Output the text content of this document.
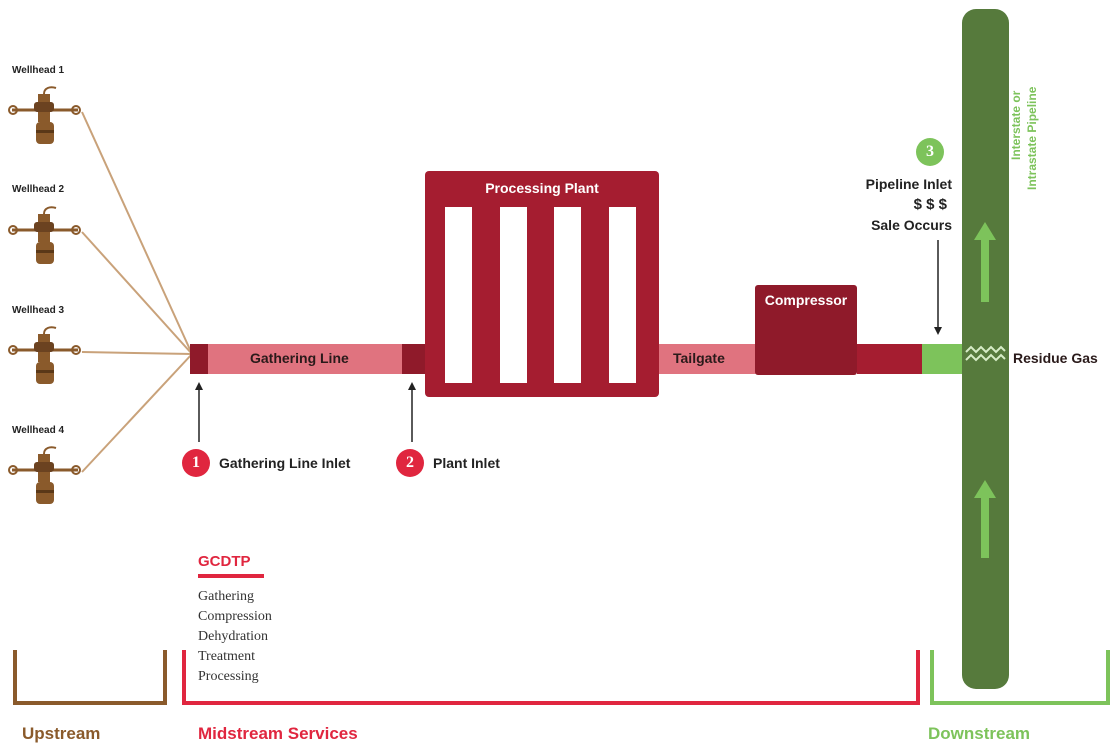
Wellhead 1
Wellhead 2
Wellhead 3
Wellhead 4
Gathering Line
Processing Plant
Tailgate
Compressor
Residue Gas
Interstate or Intrastate Pipeline
1	Gathering Line Inlet	2	Plant Inlet
3
Pipeline Inlet
$ $ $
Sale Occurs
GCDTP
Gathering
Compression
Dehydration
Treatment
Processing
Upstream	Midstream Services	Downstream
